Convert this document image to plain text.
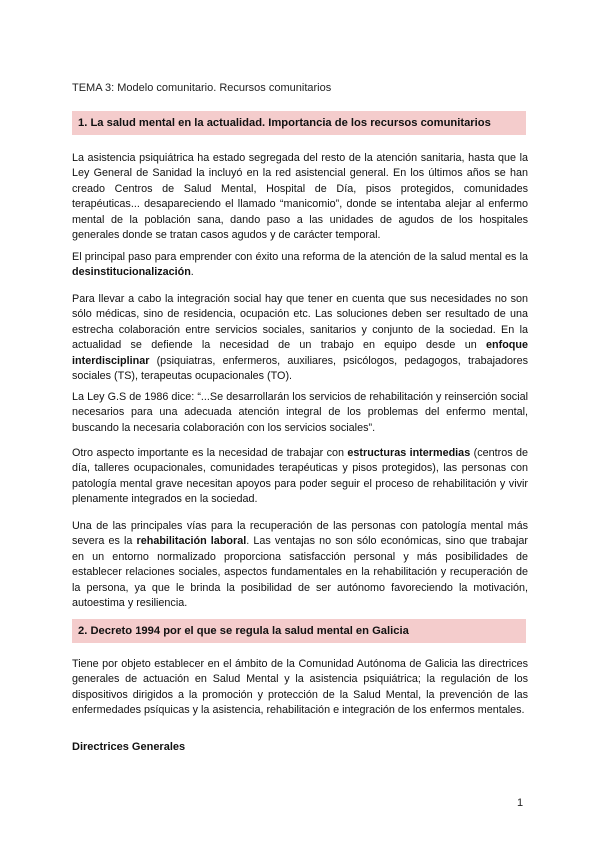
TEMA 3: Modelo comunitario. Recursos comunitarios
1. La salud mental en la actualidad. Importancia de los recursos comunitarios
La asistencia psiquiátrica ha estado segregada del resto de la atención sanitaria, hasta que la Ley General de Sanidad la incluyó en la red asistencial general. En los últimos años se han creado Centros de Salud Mental, Hospital de Día, pisos protegidos, comunidades terapéuticas... desapareciendo el llamado “manicomio”, donde se intentaba alejar al enfermo mental de la población sana, dando paso a las unidades de agudos de los hospitales generales donde se tratan casos agudos y de carácter temporal.
El principal paso para emprender con éxito una reforma de la atención de la salud mental es la desinstitucionalización.
Para llevar a cabo la integración social hay que tener en cuenta que sus necesidades no son sólo médicas, sino de residencia, ocupación etc. Las soluciones deben ser resultado de una estrecha colaboración entre servicios sociales, sanitarios y conjunto de la sociedad. En la actualidad se defiende la necesidad de un trabajo en equipo desde un enfoque interdisciplinar (psiquiatras, enfermeros, auxiliares, psicólogos, pedagogos, trabajadores sociales (TS), terapeutas ocupacionales (TO).
La Ley G.S de 1986 dice: “...Se desarrollarán los servicios de rehabilitación y reinserción social necesarios para una adecuada atención integral de los problemas del enfermo mental, buscando la necesaria colaboración con los servicios sociales”.
Otro aspecto importante es la necesidad de trabajar con estructuras intermedias (centros de día, talleres ocupacionales, comunidades terapéuticas y pisos protegidos), las personas con patología mental grave necesitan apoyos para poder seguir el proceso de rehabilitación y vivir plenamente integrados en la sociedad.
Una de las principales vías para la recuperación de las personas con patología mental más severa es la rehabilitación laboral. Las ventajas no son sólo económicas, sino que trabajar en un entorno normalizado proporciona satisfacción personal y más posibilidades de establecer relaciones sociales, aspectos fundamentales en la rehabilitación y recuperación de la persona, ya que le brinda la posibilidad de ser autónomo favoreciendo la motivación, autoestima y resiliencia.
2. Decreto 1994 por el que se regula la salud mental en Galicia
Tiene por objeto establecer en el ámbito de la Comunidad Autónoma de Galicia las directrices generales de actuación en Salud Mental y la asistencia psiquiátrica; la regulación de los dispositivos dirigidos a la promoción y protección de la Salud Mental, la prevención de las enfermedades psíquicas y la asistencia, rehabilitación e integración de los enfermos mentales.
Directrices Generales
1
